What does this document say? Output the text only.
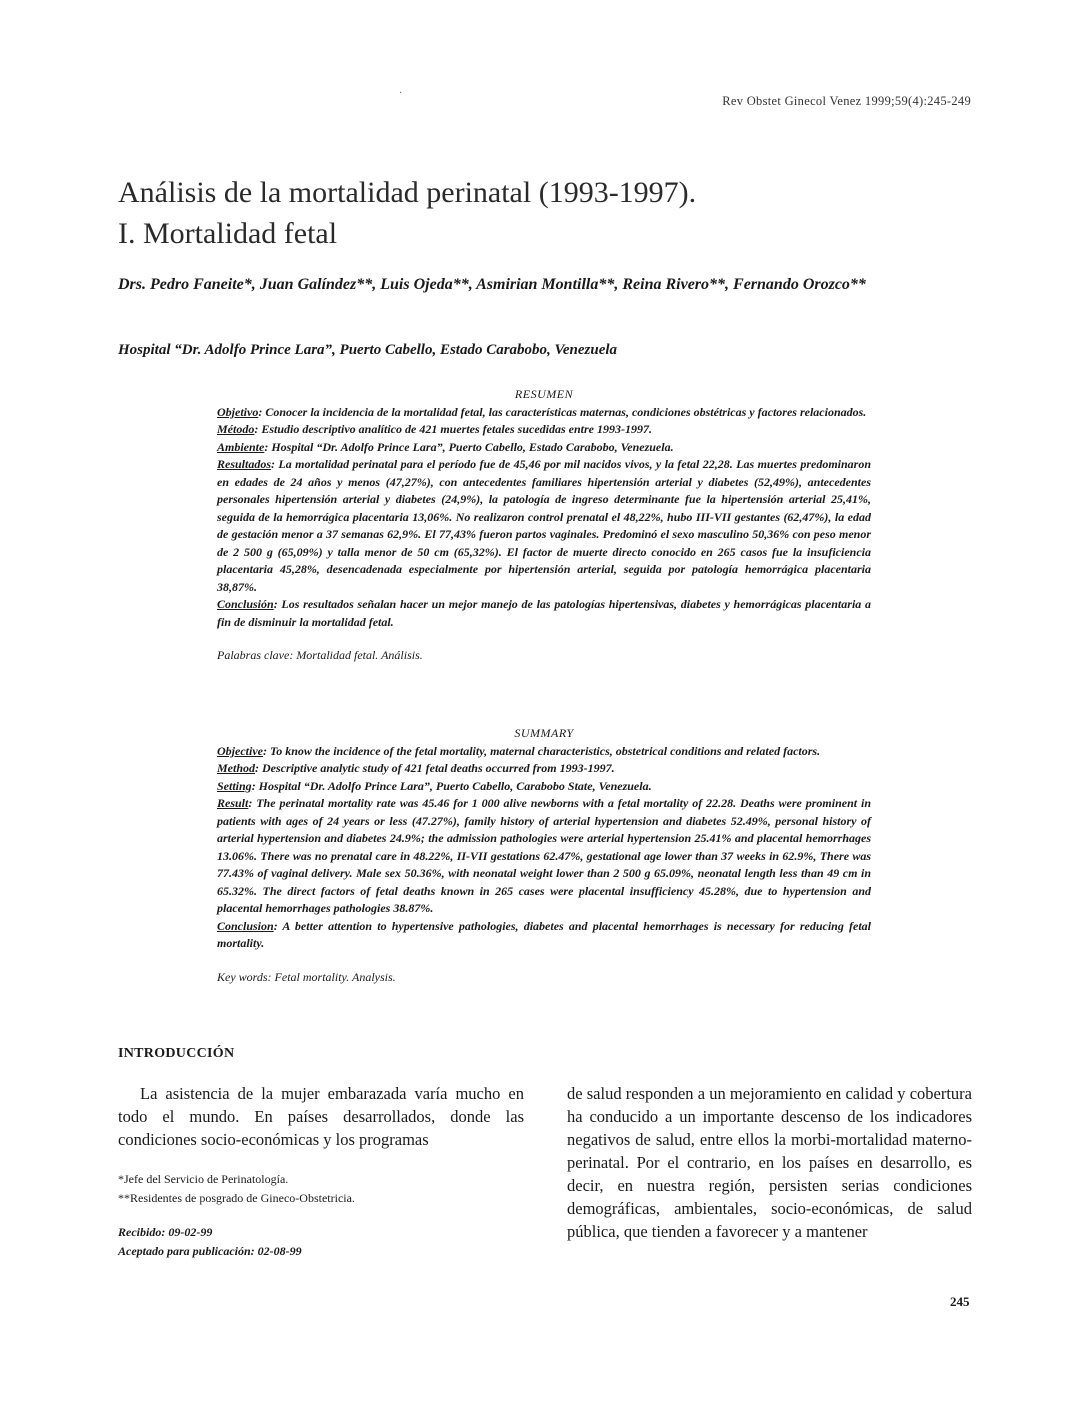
·
Rev Obstet Ginecol Venez 1999;59(4):245-249
Análisis de la mortalidad perinatal (1993-1997).
I. Mortalidad fetal
Drs. Pedro Faneite*, Juan Galíndez**, Luis Ojeda**, Asmirian Montilla**, Reina Rivero**, Fernando Orozco**
Hospital “Dr. Adolfo Prince Lara”, Puerto Cabello, Estado Carabobo, Venezuela

RESUMEN

Objetivo: Conocer la incidencia de la mortalidad fetal, las características maternas, condiciones obstétricas y factores relacionados.

Método: Estudio descriptivo analítico de 421 muertes fetales sucedidas entre 1993-1997.

Ambiente: Hospital “Dr. Adolfo Prince Lara”, Puerto Cabello, Estado Carabobo, Venezuela.

Resultados: La mortalidad perinatal para el período fue de 45,46 por mil nacidos vivos, y la fetal 22,28. Las muertes predominaron en edades de 24 años y menos (47,27%), con antecedentes familiares hipertensión arterial y diabetes (52,49%), antecedentes personales hipertensión arterial y diabetes (24,9%), la patología de ingreso determinante fue la hipertensión arterial 25,41%, seguida de la hemorrágica placentaria 13,06%. No realizaron control prenatal el 48,22%, hubo III-VII gestantes (62,47%), la edad de gestación menor a 37 semanas 62,9%. El 77,43% fueron partos vaginales. Predominó el sexo masculino 50,36% con peso menor de 2 500 g (65,09%) y talla menor de 50 cm (65,32%). El factor de muerte directo conocido en 265 casos fue la insuficiencia placentaria 45,28%, desencadenada especialmente por hipertensión arterial, seguida por patología hemorrágica placentaria 38,87%.

Conclusión: Los resultados señalan hacer un mejor manejo de las patologías hipertensivas, diabetes y hemorrágicas placentaria a fin de disminuir la mortalidad fetal.

Palabras clave: Mortalidad fetal. Análisis.

SUMMARY

Objective: To know the incidence of the fetal mortality, maternal characteristics, obstetrical conditions and related factors.

Method: Descriptive analytic study of 421 fetal deaths occurred from 1993-1997.

Setting: Hospital “Dr. Adolfo Prince Lara”, Puerto Cabello, Carabobo State, Venezuela.

Result: The perinatal mortality rate was 45.46 for 1 000 alive newborns with a fetal mortality of 22.28. Deaths were prominent in patients with ages of 24 years or less (47.27%), family history of arterial hypertension and diabetes 52.49%, personal history of arterial hypertension and diabetes 24.9%; the admission pathologies were arterial hypertension 25.41% and placental hemorrhages 13.06%. There was no prenatal care in 48.22%, II-VII gestations 62.47%, gestational age lower than 37 weeks in 62.9%, There was 77.43% of vaginal delivery. Male sex 50.36%, with neonatal weight lower than 2 500 g 65.09%, neonatal length less than 49 cm in 65.32%. The direct factors of fetal deaths known in 265 cases were placental insufficiency 45.28%, due to hypertension and placental hemorrhages pathologies 38.87%.

Conclusion: A better attention to hypertensive pathologies, diabetes and placental hemorrhages is necessary for reducing fetal mortality.

Key words: Fetal mortality. Analysis.

INTRODUCCIÓN
La asistencia de la mujer embarazada varía mucho en todo el mundo. En países desarrollados, donde las condiciones socio-económicas y los programas
de salud responden a un mejoramiento en calidad y cobertura ha conducido a un importante descenso de los indicadores negativos de salud, entre ellos la morbi-mortalidad materno-perinatal. Por el contrario, en los países en desarrollo, es decir, en nuestra región, persisten serias condiciones demográficas, ambientales, socio-económicas, de salud pública, que tienden a favorecer y a mantener
*Jefe del Servicio de Perinatología.
**Residentes de posgrado de Gineco-Obstetricia.
Recibido: 09-02-99
Aceptado para publicación: 02-08-99
245
